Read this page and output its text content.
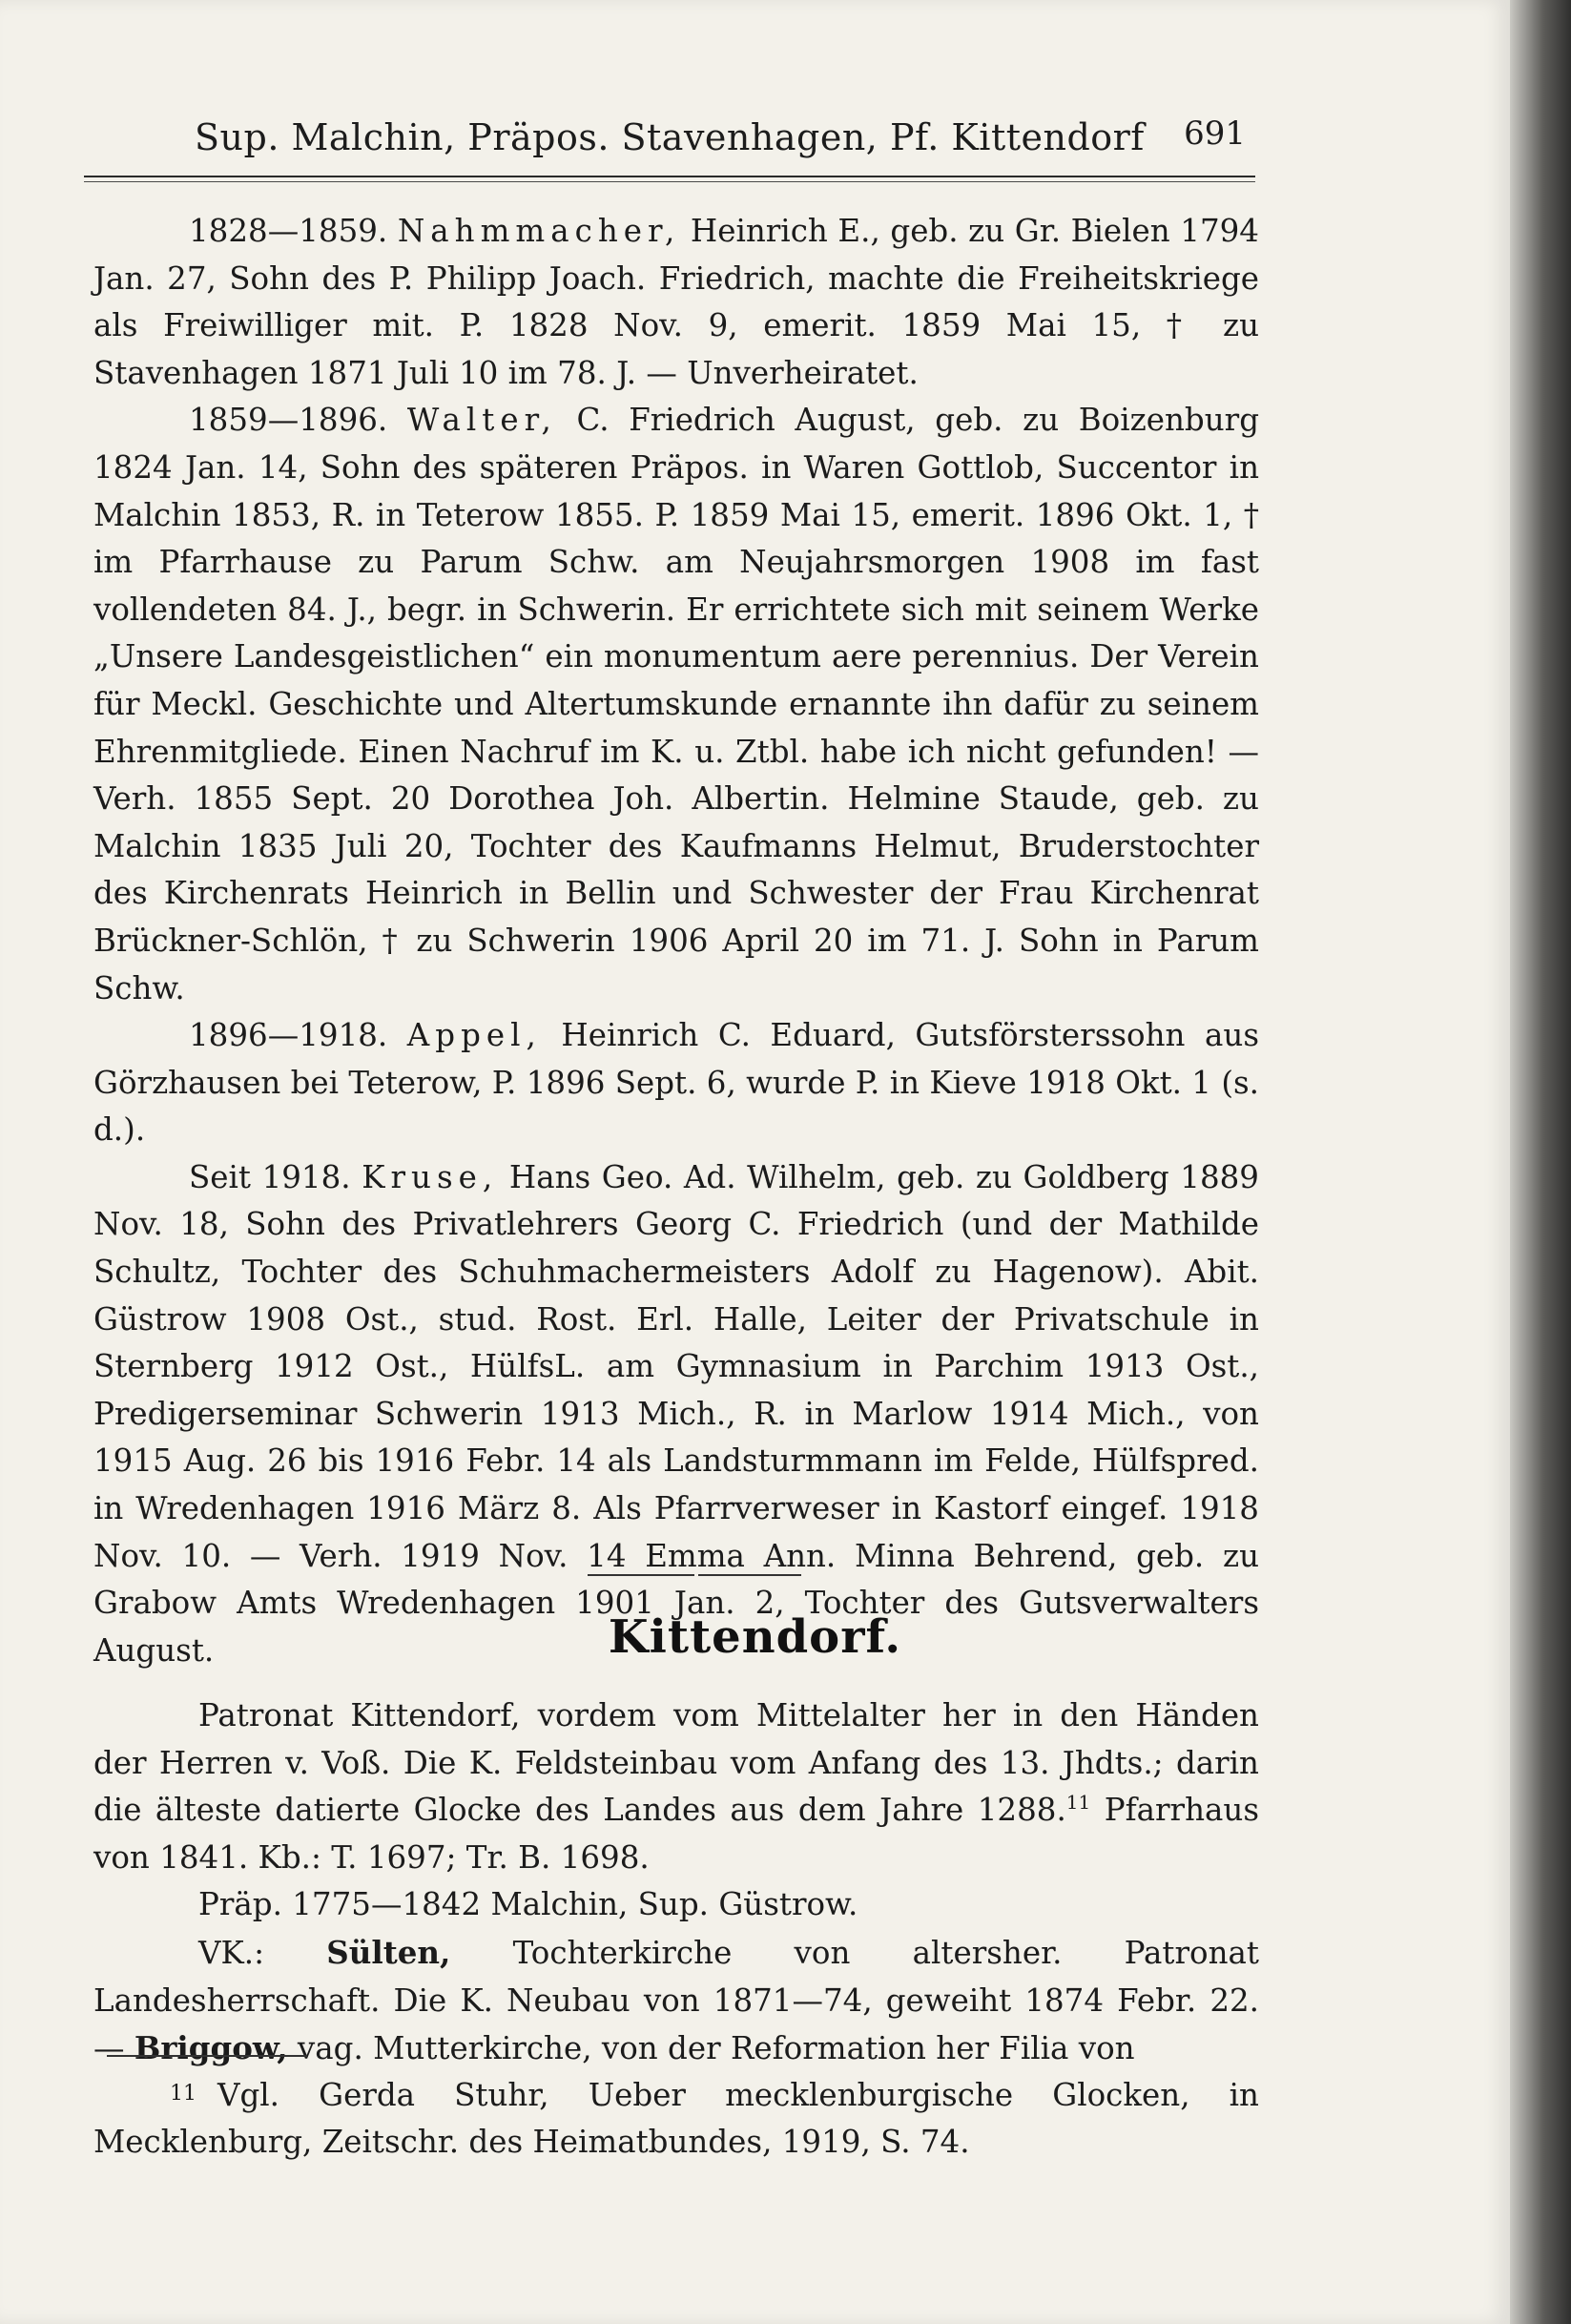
Sup. Malchin, Präpos. Stavenhagen, Pf. Kittendorf 691

1828—1859. Nahmmacher, Heinrich E., geb. zu Gr. Bielen 1794 Jan. 27, Sohn des P. Philipp Joach. Friedrich, machte die Freiheitskriege als Freiwilliger mit. P. 1828 Nov. 9, emerit. 1859 Mai 15, † zu Stavenhagen 1871 Juli 10 im 78. J. — Unverheiratet.

1859—1896. Walter, C. Friedrich August, geb. zu Boizenburg 1824 Jan. 14, Sohn des späteren Präpos. in Waren Gottlob, Succentor in Malchin 1853, R. in Teterow 1855. P. 1859 Mai 15, emerit. 1896 Okt. 1, † im Pfarrhause zu Parum Schw. am Neujahrsmorgen 1908 im fast vollendeten 84. J., begr. in Schwerin. Er errichtete sich mit seinem Werke „Unsere Landesgeistlichen“ ein monumentum aere perennius. Der Verein für Meckl. Geschichte und Altertumskunde ernannte ihn dafür zu seinem Ehrenmitgliede. Einen Nachruf im K. u. Ztbl. habe ich nicht gefunden! — Verh. 1855 Sept. 20 Dorothea Joh. Albertin. Helmine Staude, geb. zu Malchin 1835 Juli 20, Tochter des Kaufmanns Helmut, Bruderstochter des Kirchenrats Heinrich in Bellin und Schwester der Frau Kirchenrat Brückner-Schlön, † zu Schwerin 1906 April 20 im 71. J. Sohn in Parum Schw.

1896—1918. Appel, Heinrich C. Eduard, Gutsförsterssohn aus Görzhausen bei Teterow, P. 1896 Sept. 6, wurde P. in Kieve 1918 Okt. 1 (s. d.).

Seit 1918. Kruse, Hans Geo. Ad. Wilhelm, geb. zu Goldberg 1889 Nov. 18, Sohn des Privatlehrers Georg C. Friedrich (und der Mathilde Schultz, Tochter des Schuhmachermeisters Adolf zu Hagenow). Abit. Güstrow 1908 Ost., stud. Rost. Erl. Halle, Leiter der Privatschule in Sternberg 1912 Ost., HülfsL. am Gymnasium in Parchim 1913 Ost., Predigerseminar Schwerin 1913 Mich., R. in Marlow 1914 Mich., von 1915 Aug. 26 bis 1916 Febr. 14 als Landsturmmann im Felde, Hülfspred. in Wredenhagen 1916 März 8. Als Pfarrverweser in Kastorf eingef. 1918 Nov. 10. — Verh. 1919 Nov. 14 Emma Ann. Minna Behrend, geb. zu Grabow Amts Wredenhagen 1901 Jan. 2, Tochter des Gutsverwalters August.	Kittendorf.

Patronat Kittendorf, vordem vom Mittelalter her in den Händen der Herren v. Voß. Die K. Feldsteinbau vom Anfang des 13. Jhdts.; darin die älteste datierte Glocke des Landes aus dem Jahre 1288.11 Pfarrhaus von 1841. Kb.: T. 1697; Tr. B. 1698.

Präp. 1775—1842 Malchin, Sup. Güstrow.

VK.: Sülten, Tochterkirche von altersher. Patronat Landesherrschaft. Die K. Neubau von 1871—74, geweiht 1874 Febr. 22. — Briggow, vag. Mutterkirche, von der Reformation her Filia von

11 Vgl. Gerda Stuhr, Ueber mecklenburgische Glocken, in Mecklenburg, Zeitschr. des Heimatbundes, 1919, S. 74.
